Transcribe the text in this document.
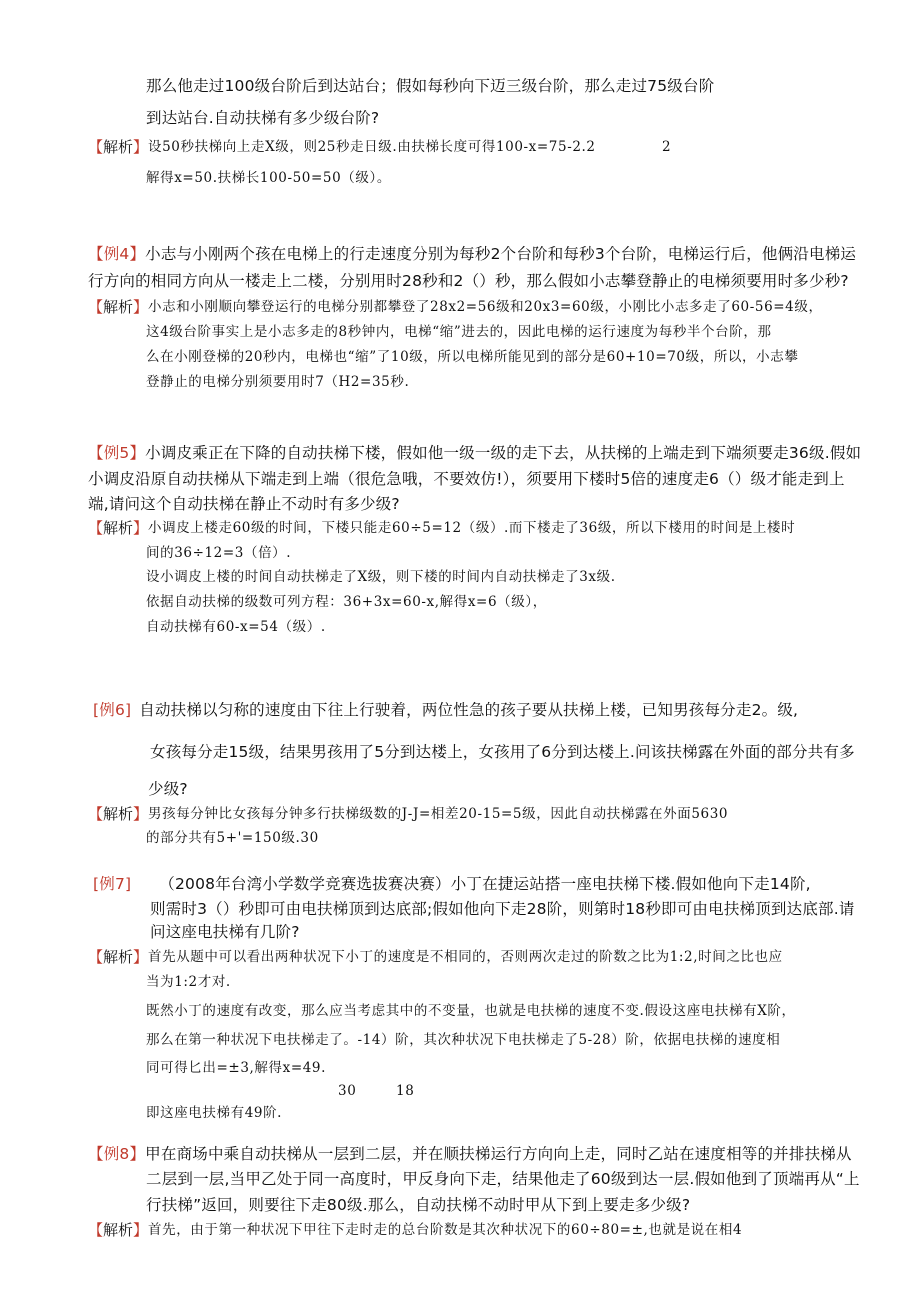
那么他走过100级台阶后到达站台；假如每秒向下迈三级台阶，那么走过75级台阶
到达站台.自动扶梯有多少级台阶?
【解析】 设50秒扶梯向上走X级，则25秒走日级.由扶梯长度可得100-x=75-2.2	2
解得x=50.扶梯长100-50=50（级）。
【例4】小志与小刚两个孩在电梯上的行走速度分别为每秒2个台阶和每秒3个台阶，电梯运行后，他俩沿电梯运
行方向的相同方向从一楼走上二楼，分别用时28秒和2（）秒，那么假如小志攀登静止的电梯须要用时多少秒?
【解析】 小志和小刚顺向攀登运行的电梯分别都攀登了28x2=56级和20x3=60级，小刚比小志多走了60-56=4级，
这4级台阶事实上是小志多走的8秒钟内，电梯“缩”进去的，因此电梯的运行速度为每秒半个台阶，那
么在小刚登梯的20秒内，电梯也“缩”了10级，所以电梯所能见到的部分是60+10=70级，所以，小志攀
登静止的电梯分别须要用时7（H2=35秒.
【例5】小调皮乘正在下降的自动扶梯下楼，假如他一级一级的走下去，从扶梯的上端走到下端须要走36级.假如
小调皮沿原自动扶梯从下端走到上端（很危急哦，不要效仿!），须要用下楼时5倍的速度走6（）级才能走到上
端,请问这个自动扶梯在静止不动时有多少级?
【解析】 小调皮上楼走60级的时间，下楼只能走60÷5=12（级）.而下楼走了36级，所以下楼用的时间是上楼时
间的36÷12=3（倍）.
设小调皮上楼的时间自动扶梯走了X级，则下楼的时间内自动扶梯走了3x级.
依据自动扶梯的级数可列方程：36+3x=60-x,解得x=6（级），
自动扶梯有60-x=54（级）.
[例6] 自动扶梯以匀称的速度由下往上行驶着，两位性急的孩子要从扶梯上楼，已知男孩每分走2。级,
女孩每分走15级，结果男孩用了5分到达楼上，女孩用了6分到达楼上.问该扶梯露在外面的部分共有多
少级?
【解析】 男孩每分钟比女孩每分钟多行扶梯级数的J-J=相差20-15=5级，因此自动扶梯露在外面5630
的部分共有5+'=150级.30
[例7] （2008年台湾小学数学竞赛选拔赛决赛）小丁在捷运站搭一座电扶梯下楼.假如他向下走14阶,
则需时3（）秒即可由电扶梯顶到达底部;假如他向下走28阶，则第时18秒即可由电扶梯顶到达底部.请
问这座电扶梯有几阶?
【解析】 首先从题中可以看出两种状况下小丁的速度是不相同的，否则两次走过的阶数之比为1:2,时间之比也应
当为1:2才对.
既然小丁的速度有改变，那么应当考虑其中的不变量，也就是电扶梯的速度不变.假设这座电扶梯有X阶，
那么在第一种状况下电扶梯走了。-14）阶，其次种状况下电扶梯走了5-28）阶，依据电扶梯的速度相
同可得匕出=±3,解得x=49.
30	18
即这座电扶梯有49阶.
【例8】甲在商场中乘自动扶梯从一层到二层，并在顺扶梯运行方向向上走，同时乙站在速度相等的并排扶梯从
二层到一层,当甲乙处于同一高度时，甲反身向下走，结果他走了60级到达一层.假如他到了顶端再从“上
行扶梯”返回，则要往下走80级.那么，自动扶梯不动时甲从下到上要走多少级?
【解析】 首先，由于第一种状况下甲往下走时走的总台阶数是其次种状况下的60÷80=±,也就是说在相4
